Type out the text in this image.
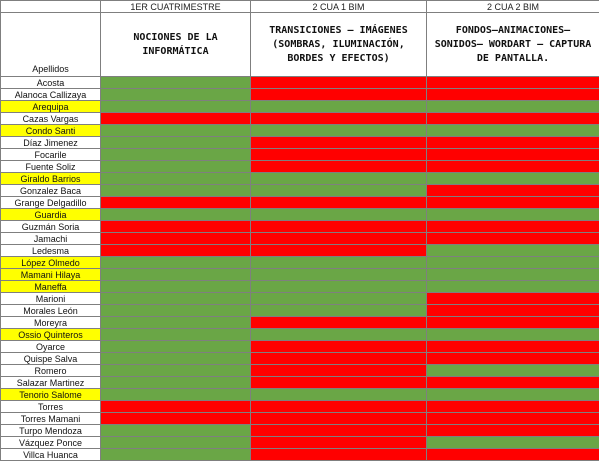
	1ER CUATRIMESTRE	2 CUA 1 BIM	2 CUA 2 BIM
Apellidos	NOCIONES DE LA INFORMÁTICA	TRANSICIONES – IMÁGENES (SOMBRAS, ILUMINACIÓN, BORDES Y EFECTOS)	FONDOS–ANIMACIONES–SONIDOS– WORDART – CAPTURA DE PANTALLA.
Acosta			
Alanoca Callizaya			
Arequipa			
Cazas Vargas			
Condo Santi			
Díaz Jimenez			
Focarile			
Fuente Soliz			
Giraldo Barrios			
Gonzalez Baca			
Grange Delgadillo			
Guardia			
Guzmán Soria			
Jamachi			
Ledesma			
López Olmedo			
Mamani Hilaya			
Maneffa			
Marioni			
Morales León			
Moreyra			
Ossio Quinteros			
Oyarce			
Quispe Salva			
Romero			
Salazar Martinez			
Tenorio Salome			
Torres			
Torres Mamani			
Turpo Mendoza			
Vázquez Ponce			
Villca Huanca			
